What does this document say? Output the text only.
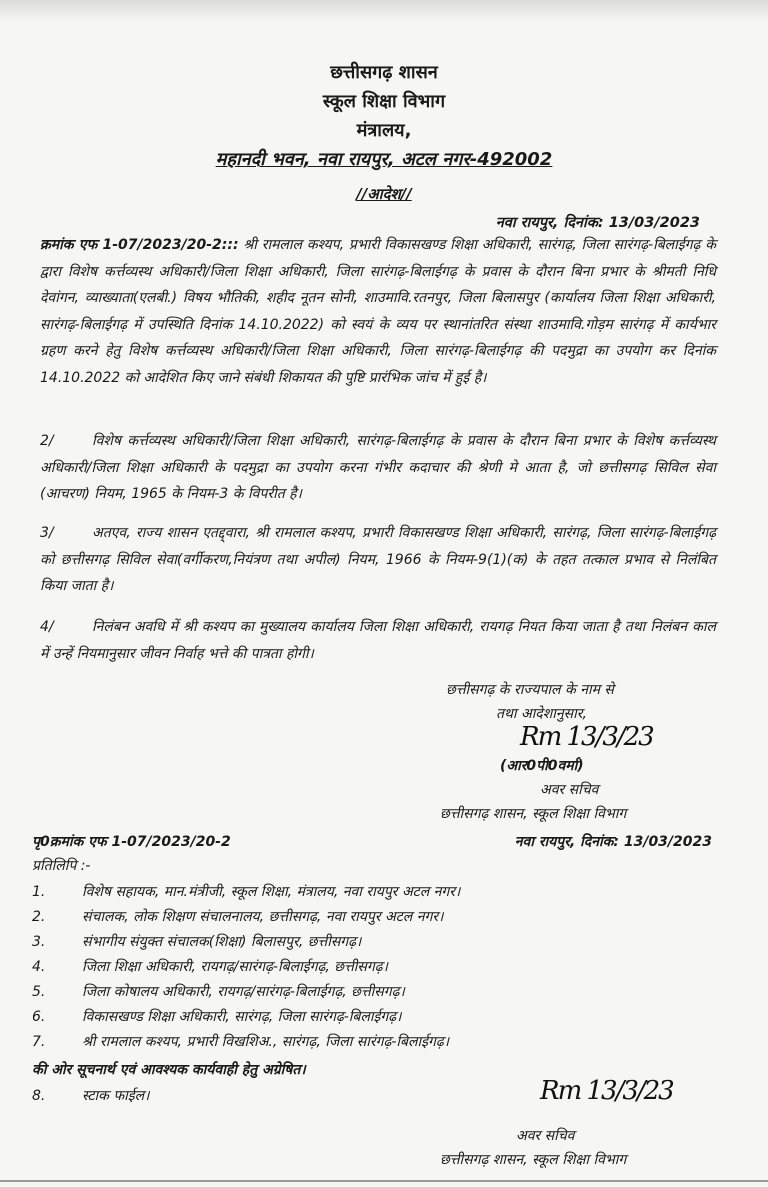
छत्तीसगढ़ शासन
स्कूल शिक्षा विभाग
मंत्रालय,
महानदी भवन, नवा रायपुर, अटल नगर-492002
//आदेश//
नवा रायपुर, दिनांक: 13/03/2023
क्रमांक एफ 1-07/2023/20-2::: श्री रामलाल कश्यप, प्रभारी विकासखण्ड शिक्षा अधिकारी, सारंगढ़, जिला सारंगढ़-बिलाईगढ़ के द्वारा विशेष कर्त्तव्यस्थ अधिकारी/जिला शिक्षा अधिकारी, जिला सारंगढ़-बिलाईगढ़ के प्रवास के दौरान बिना प्रभार के श्रीमती निधि देवांगन, व्याख्याता(एलबी.) विषय भौतिकी, शहीद नूतन सोनी, शाउमावि.रतनपुर, जिला बिलासपुर (कार्यालय जिला शिक्षा अधिकारी, सारंगढ़-बिलाईगढ़ में उपस्थिति दिनांक 14.10.2022) को स्वयं के व्यय पर स्थानांतरित संस्था शाउमावि.गोड़म सारंगढ़ में कार्यभार ग्रहण करने हेतु विशेष कर्त्तव्यस्थ अधिकारी/जिला शिक्षा अधिकारी, जिला सारंगढ़-बिलाईगढ़ की पदमुद्रा का उपयोग कर दिनांक 14.10.2022 को आदेशित किए जाने संबंधी शिकायत की पुष्टि प्रारंभिक जांच में हुई है।
2/	विशेष कर्त्तव्यस्थ अधिकारी/जिला शिक्षा अधिकारी, सारंगढ़-बिलाईगढ़ के प्रवास के दौरान बिना प्रभार के विशेष कर्त्तव्यस्थ अधिकारी/जिला शिक्षा अधिकारी के पदमुद्रा का उपयोग करना गंभीर कदाचार की श्रेणी मे आता है, जो छत्तीसगढ़ सिविल सेवा (आचरण) नियम, 1965 के नियम-3 के विपरीत है।
3/	अतएव, राज्य शासन एतद्द्वारा, श्री रामलाल कश्यप, प्रभारी विकासखण्ड शिक्षा अधिकारी, सारंगढ़, जिला सारंगढ़-बिलाईगढ़ को छत्तीसगढ़ सिविल सेवा(वर्गीकरण,नियंत्रण तथा अपील) नियम, 1966 के नियम-9(1)(क) के तहत तत्काल प्रभाव से निलंबित किया जाता है।
4/	निलंबन अवधि में श्री कश्यप का मुख्यालय कार्यालय जिला शिक्षा अधिकारी, रायगढ़ नियत किया जाता है तथा निलंबन काल में उन्हें नियमानुसार जीवन निर्वाह भत्ते की पात्रता होगी।
छत्तीसगढ़ के राज्यपाल के नाम से
तथा आदेशानुसार,
Rm 13/3/23
(आर0पी0वर्मा)
अवर सचिव
छत्तीसगढ़ शासन, स्कूल शिक्षा विभाग
पृ0क्रमांक एफ 1-07/2023/20-2	नवा रायपुर, दिनांक: 13/03/2023
प्रतिलिपि :-
1.	विशेष सहायक, मान.मंत्रीजी, स्कूल शिक्षा, मंत्रालय, नवा रायपुर अटल नगर।
2.	संचालक, लोक शिक्षण संचालनालय, छत्तीसगढ़, नवा रायपुर अटल नगर।
3.	संभागीय संयुक्त संचालक(शिक्षा) बिलासपुर, छत्तीसगढ़।
4.	जिला शिक्षा अधिकारी, रायगढ़/सारंगढ़-बिलाईगढ़, छत्तीसगढ़।
5.	जिला कोषालय अधिकारी, रायगढ़/सारंगढ़-बिलाईगढ़, छत्तीसगढ़।
6.	विकासखण्ड शिक्षा अधिकारी, सारंगढ़, जिला सारंगढ़-बिलाईगढ़।
7.	श्री रामलाल कश्यप, प्रभारी विखशिअ., सारंगढ़, जिला सारंगढ़-बिलाईगढ़।
की ओर सूचनार्थ एवं आवश्यक कार्यवाही हेतु अग्रेषित।
8.	स्टाक फाईल।	Rm 13/3/23
अवर सचिव
छत्तीसगढ़ शासन, स्कूल शिक्षा विभाग
